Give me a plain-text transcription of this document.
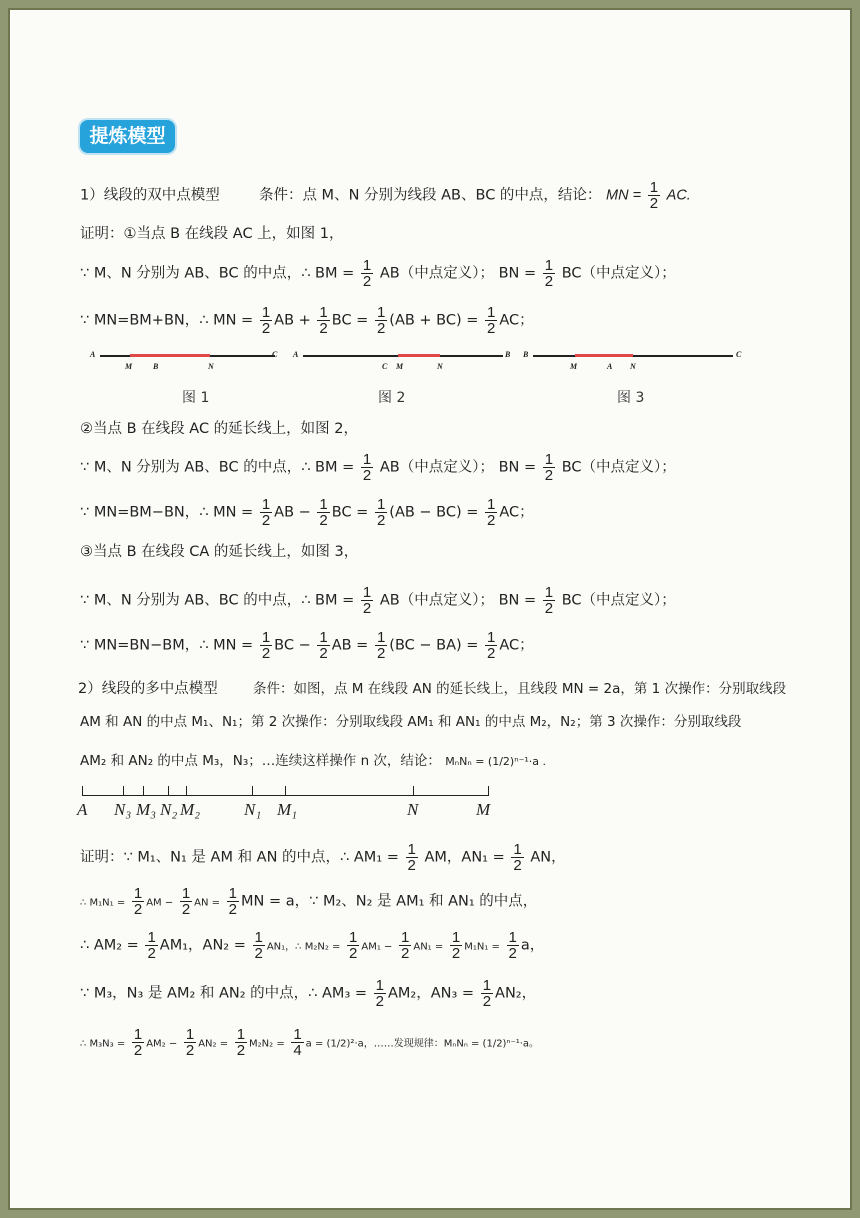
提炼模型
1）线段的双中点模型	条件：点 M、N 分别为线段 AB、BC 的中点，结论： MN = $\frac{1}{2}$ AC.
证明：①当点 B 在线段 AC 上，如图 1，
∵ M、N 分别为 AB、BC 的中点，∴ BM = $\frac{1}{2} AB$（中点定义）； BN = $\frac{1}{2} BC$（中点定义）；
∵ MN=BM+BN，∴ MN = $\frac{1}{2}$ AB + $\frac{1}{2}$ BC = $\frac{1}{2} (AB + BC) = \frac{1}{2}$ AC；
A
M	B	N
C
图 1
A
C M	N
B
图 2
B
M	A N
C
图 3
②当点 B 在线段 AC 的延长线上，如图 2，
∵ M、N 分别为 AB、BC 的中点，∴ BM = $\frac{1}{2} AB$（中点定义）； BN = $\frac{1}{2} BC$（中点定义）；
∵ MN=BM−BN，∴ MN = $\frac{1}{2}$ AB − $\frac{1}{2}$ BC = $\frac{1}{2} (AB - BC) = \frac{1}{2}$ AC；
③当点 B 在线段 CA 的延长线上，如图 3，
∵ M、N 分别为 AB、BC 的中点，∴ BM = $\frac{1}{2} AB$（中点定义）； BN = $\frac{1}{2} BC$（中点定义）；
∵ MN=BN−BM，∴ MN = $\frac{1}{2}$ BC − $\frac{1}{2}$ AB = $\frac{1}{2} (BC - BA) = \frac{1}{2}$ AC；
2）线段的多中点模型	条件：如图，点 M 在线段 AN 的延长线上，且线段 MN = 2a，第 1 次操作：分别取线段
AM 和 AN 的中点 M₁、N₁；第 2 次操作：分别取线段 AM₁ 和 AN₁ 的中点 M₂，N₂；第 3 次操作：分别取线段
AM₂ 和 AN₂ 的中点 M₃，N₃；…连续这样操作 n 次，结论： MₙNₙ = (1/2)ⁿ⁻¹·a .
A N₃ M₃ N₂ M₂	N₁ M₁	N	M
证明：∵ M₁、N₁ 是 AM 和 AN 的中点，∴ $AM_1 = \frac{1}{2}$ AM，$AN_1 = \frac{1}{2}$ AN，
∴ $M_1N_1 = \frac{1}{2}$ AM − $\frac{1}{2}$ AN = $\frac{1}{2}$ MN = a，∵ M₂、N₂ 是 AM₁ 和 AN₁ 的中点，
∴ $AM_2 = \frac{1}{2} AM_1$，$AN_2 = \frac{1}{2} AN_1$，∴ $M_2N_2 = \frac{1}{2} AM_1 - \frac{1}{2} AN_1 = \frac{1}{2} M_1N_1 = \frac{1}{2}$ a，
∵ M₃，N₃ 是 AM₂ 和 AN₂ 的中点，∴ $AM_3 = \frac{1}{2} AM_2$，$AN_3 = \frac{1}{2} AN_2$，
∴ $M_3N_3 = \frac{1}{2} AM_2 - \frac{1}{2} AN_2 = \frac{1}{2} M_2N_2 = \frac{1}{4}$ a = (1/2)²·a，……发现规律：MₙNₙ = (1/2)ⁿ⁻¹·a。
